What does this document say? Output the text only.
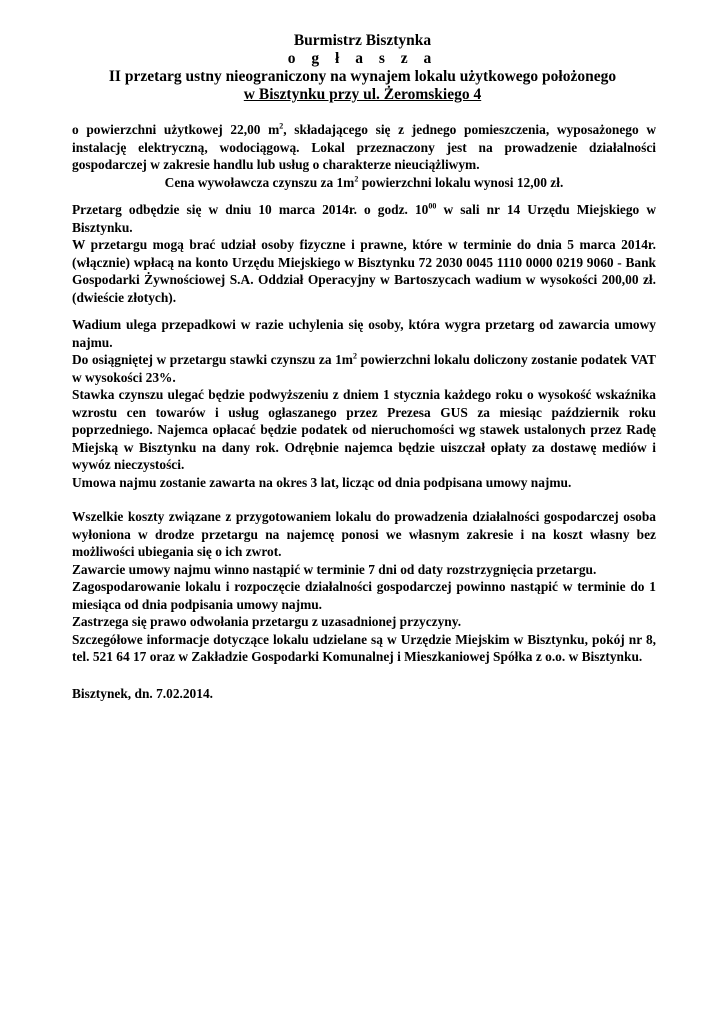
Burmistrz Bisztynka
o g ł a s z a
II przetarg ustny nieograniczony na wynajem lokalu użytkowego położonego
w Bisztynku przy ul. Żeromskiego 4

o powierzchni użytkowej 22,00 $m^2$, składającego się z jednego pomieszczenia, wyposażonego w instalację elektryczną, wodociągową. Lokal przeznaczony jest na prowadzenie działalności gospodarczej w zakresie handlu lub usług o charakterze nieuciążliwym.

Cena wywoławcza czynszu za $1m^2$ powierzchni lokalu wynosi 12,00 zł.

Przetarg odbędzie się w dniu 10 marca 2014r. o godz. $10^{00}$ w sali nr 14 Urzędu Miejskiego w Bisztynku.

W przetargu mogą brać udział osoby fizyczne i prawne, które w terminie do dnia 5 marca 2014r. (włącznie) wpłacą na konto Urzędu Miejskiego w Bisztynku 72 2030 0045 1110 0000 0219 9060 - Bank Gospodarki Żywnościowej S.A. Oddział Operacyjny w Bartoszycach wadium w wysokości 200,00 zł. (dwieście złotych).

Wadium ulega przepadkowi w razie uchylenia się osoby, która wygra przetarg od zawarcia umowy najmu.

Do osiągniętej w przetargu stawki czynszu za $1m^2$ powierzchni lokalu doliczony zostanie podatek VAT w wysokości 23%.

Stawka czynszu ulegać będzie podwyższeniu z dniem 1 stycznia każdego roku o wysokość wskaźnika wzrostu cen towarów i usług ogłaszanego przez Prezesa GUS za miesiąc październik roku poprzedniego. Najemca opłacać będzie podatek od nieruchomości wg stawek ustalonych przez Radę Miejską w Bisztynku na dany rok. Odrębnie najemca będzie uiszczał opłaty za dostawę mediów i wywóz nieczystości.

Umowa najmu zostanie zawarta na okres 3 lat, licząc od dnia podpisana umowy najmu.

Wszelkie koszty związane z przygotowaniem lokalu do prowadzenia działalności gospodarczej osoba wyłoniona w drodze przetargu na najemcę ponosi we własnym zakresie i na koszt własny bez możliwości ubiegania się o ich zwrot.

Zawarcie umowy najmu winno nastąpić w terminie 7 dni od daty rozstrzygnięcia przetargu.

Zagospodarowanie lokalu i rozpoczęcie działalności gospodarczej powinno nastąpić w terminie do 1 miesiąca od dnia podpisania umowy najmu.

Zastrzega się prawo odwołania przetargu z uzasadnionej przyczyny.

Szczegółowe informacje dotyczące lokalu udzielane są w Urzędzie Miejskim w Bisztynku, pokój nr 8, tel. 521 64 17 oraz w Zakładzie Gospodarki Komunalnej i Mieszkaniowej Spółka z o.o. w Bisztynku.

Bisztynek, dn. 7.02.2014.
